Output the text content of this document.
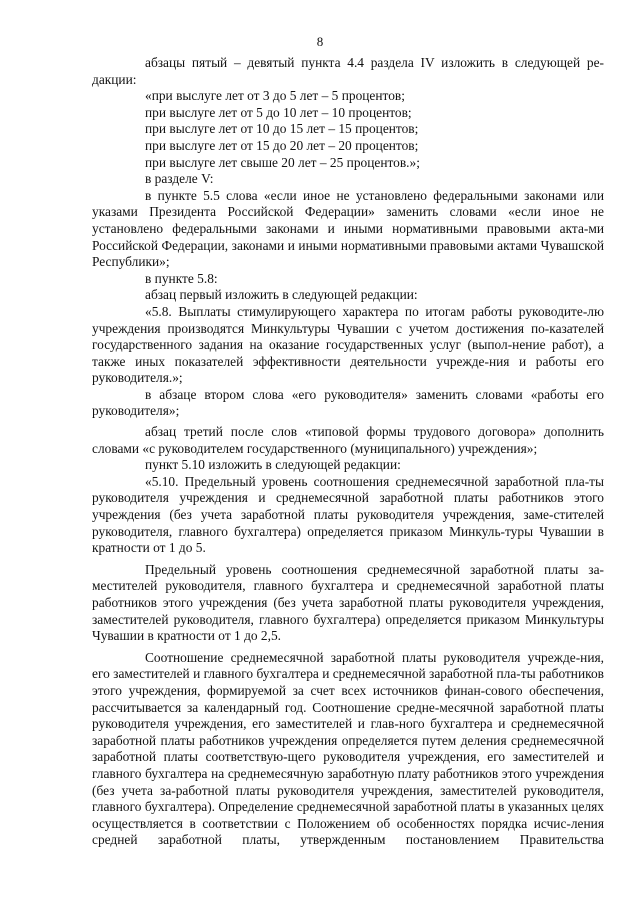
8

абзацы пятый – девятый пункта 4.4 раздела IV изложить в следующей ре-дакции:

«при выслуге лет от 3 до 5 лет – 5 процентов;

при выслуге лет от 5 до 10 лет – 10 процентов;

при выслуге лет от 10 до 15 лет – 15 процентов;

при выслуге лет от 15 до 20 лет – 20 процентов;

при выслуге лет свыше 20 лет – 25 процентов.»;

в разделе V:

в пункте 5.5 слова «если иное не установлено федеральными законами или указами Президента Российской Федерации» заменить словами «если иное не установлено федеральными законами и иными нормативными правовыми акта-ми Российской Федерации, законами и иными нормативными правовыми актами Чувашской Республики»;

в пункте 5.8:

абзац первый изложить в следующей редакции:

«5.8. Выплаты стимулирующего характера по итогам работы руководите-лю учреждения производятся Минкультуры Чувашии с учетом достижения по-казателей государственного задания на оказание государственных услуг (выпол-нение работ), а также иных показателей эффективности деятельности учрежде-ния и работы его руководителя.»;

в абзаце втором слова «его руководителя» заменить словами «работы его руководителя»;

абзац третий после слов «типовой формы трудового договора» дополнить словами «с руководителем государственного (муниципального) учреждения»;

пункт 5.10 изложить в следующей редакции:

«5.10. Предельный уровень соотношения среднемесячной заработной пла-ты руководителя учреждения и среднемесячной заработной платы работников этого учреждения (без учета заработной платы руководителя учреждения, заме-стителей руководителя, главного бухгалтера) определяется приказом Минкуль-туры Чувашии в кратности от 1 до 5.

Предельный уровень соотношения среднемесячной заработной платы за-местителей руководителя, главного бухгалтера и среднемесячной заработной платы работников этого учреждения (без учета заработной платы руководителя учреждения, заместителей руководителя, главного бухгалтера) определяется приказом Минкультуры Чувашии в кратности от 1 до 2,5.

Соотношение среднемесячной заработной платы руководителя учрежде-ния, его заместителей и главного бухгалтера и среднемесячной заработной пла-ты работников этого учреждения, формируемой за счет всех источников финан-сового обеспечения, рассчитывается за календарный год. Соотношение средне-месячной заработной платы руководителя учреждения, его заместителей и глав-ного бухгалтера и среднемесячной заработной платы работников учреждения определяется путем деления среднемесячной заработной платы соответствую-щего руководителя учреждения, его заместителей и главного бухгалтера на среднемесячную заработную плату работников этого учреждения (без учета за-работной платы руководителя учреждения, заместителей руководителя, главного бухгалтера). Определение среднемесячной заработной платы в указанных целях осуществляется в соответствии с Положением об особенностях порядка исчис-ления средней заработной платы, утвержденным постановлением Правительства
